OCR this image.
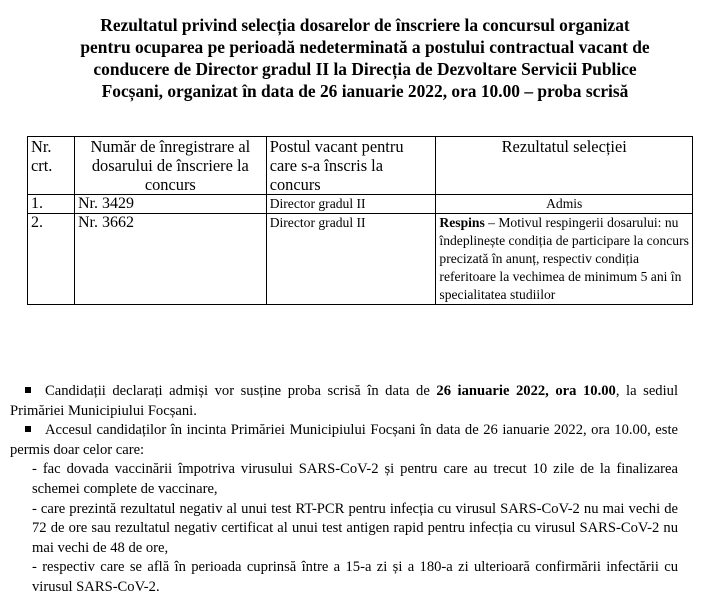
Rezultatul privind selecția dosarelor de înscriere la concursul organizat
pentru ocuparea pe perioadă nedeterminată a postului contractual vacant de
conducere de Director gradul II la Direcția de Dezvoltare Servicii Publice
Focșani, organizat în data de 26 ianuarie 2022, ora 10.00 – proba scrisă
Nr. crt.	Număr de înregistrare al dosarului de înscriere la concurs	Postul vacant pentru care s-a înscris la concurs	Rezultatul selecției
1.	Nr. 3429	Director gradul II	Admis
2.	Nr. 3662	Director gradul II	Respins – Motivul respingerii dosarului: nu îndeplinește condiția de participare la concurs precizată în anunț, respectiv condiția referitoare la vechimea de minimum 5 ani în specialitatea studiilor

Candidații declarați admiși vor susține proba scrisă în data de 26 ianuarie 2022, ora 10.00, la sediul Primăriei Municipiului Focșani.

Accesul candidaților în incinta Primăriei Municipiului Focșani în data de 26 ianuarie 2022, ora 10.00, este permis doar celor care:

- fac dovada vaccinării împotriva virusului SARS-CoV-2 și pentru care au trecut 10 zile de la finalizarea schemei complete de vaccinare,

- care prezintă rezultatul negativ al unui test RT-PCR pentru infecția cu virusul SARS-CoV-2 nu mai vechi de 72 de ore sau rezultatul negativ certificat al unui test antigen rapid pentru infecția cu virusul SARS-CoV-2 nu mai vechi de 48 de ore,

- respectiv care se află în perioada cuprinsă între a 15-a zi și a 180-a zi ulterioară confirmării infectării cu virusul SARS-CoV-2.
